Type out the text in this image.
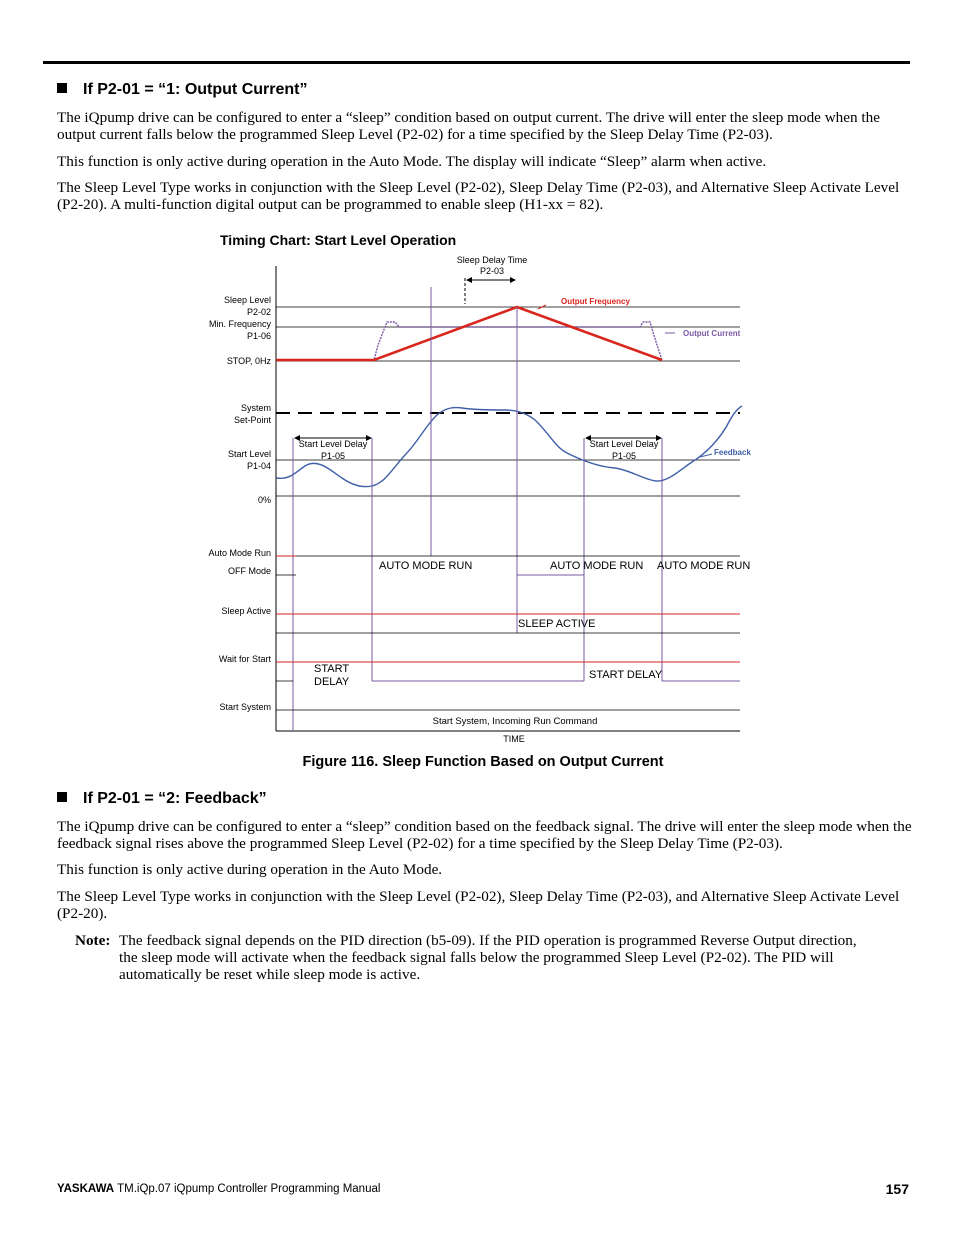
If P2-01 = “1: Output Current”

The iQpump drive can be configured to enter a “sleep” condition based on output current. The drive will enter the sleep mode when the output current falls below the programmed Sleep Level (P2-02) for a time specified by the Sleep Delay Time (P2-03).

This function is only active during operation in the Auto Mode. The display will indicate “Sleep” alarm when active.

The Sleep Level Type works in conjunction with the Sleep Level (P2-02), Sleep Delay Time (P2-03), and Alternative Sleep Activate Level (P2-20). A multi-function digital output can be programmed to enable sleep (H1-xx = 82).

Timing Chart: Start Level Operation
Sleep Level
P2-02
Min. Frequency
P1-06
STOP, 0Hz
System
Set-Point
Start Level
P1-04
0%
Auto Mode Run
OFF Mode
Sleep Active
Wait for Start
Start System
Sleep Delay Time
P2-03
Output Frequency
Output Current
Feedback
Start Level Delay
P1-05
Start Level Delay
P1-05
AUTO MODE RUN	AUTO MODE RUN AUTO MODE RUN
SLEEP ACTIVE
START
DELAY
START DELAY
Start System, Incoming Run Command
TIME
Figure 116. Sleep Function Based on Output Current
If P2-01 = “2: Feedback”

The iQpump drive can be configured to enter a “sleep” condition based on the feedback signal. The drive will enter the sleep mode when the feedback signal rises above the programmed Sleep Level (P2-02) for a time specified by the Sleep Delay Time (P2-03).

This function is only active during operation in the Auto Mode.

The Sleep Level Type works in conjunction with the Sleep Level (P2-02), Sleep Delay Time (P2-03), and Alternative Sleep Activate Level (P2-20).

Note: The feedback signal depends on the PID direction (b5-09). If the PID operation is programmed Reverse Output direction, the sleep mode will activate when the feedback signal falls below the programmed Sleep Level (P2-02). The PID will automatically be reset while sleep mode is active.
YASKAWA TM.iQp.07 iQpump Controller Programming Manual	157
